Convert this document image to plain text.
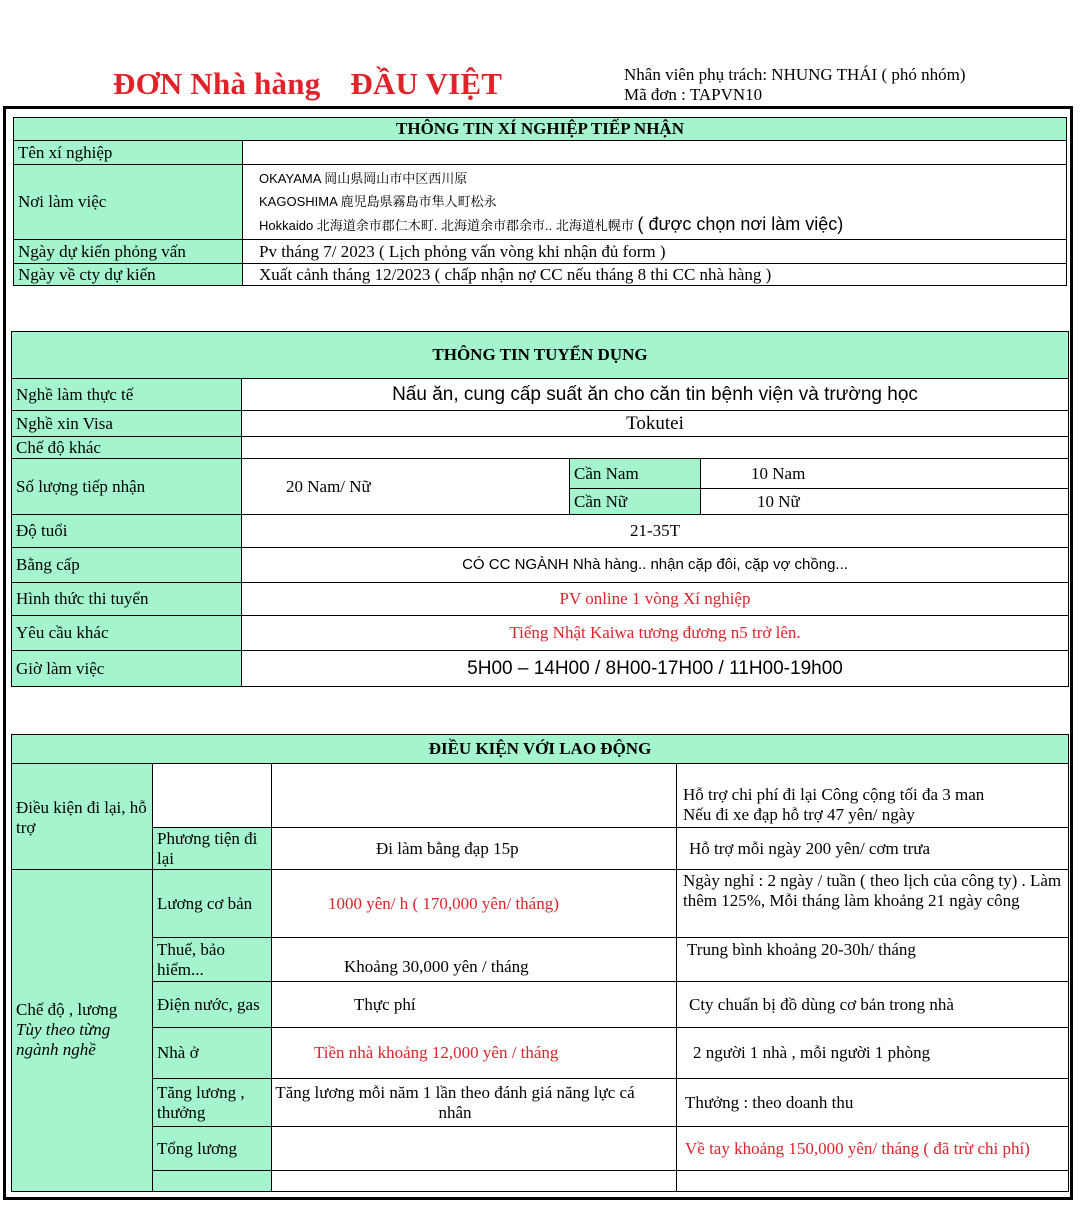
ĐƠN Nhà hàng ĐẦU VIỆT	Nhân viên phụ trách: NHUNG THÁI ( phó nhóm)
Mã đơn : TAPVN10
THÔNG TIN XÍ NGHIỆP TIẾP NHẬN	
Tên xí nghiệp	
Nơi làm việc	OKAYAMA 岡山県岡山市中区西川原
KAGOSHIMA 鹿児島県霧島市隼人町松永
Hokkaido 北海道余市郡仁木町. 北海道余市郡余市.. 北海道札幌市 ( được chọn nơi làm việc)

Ngày dự kiến phỏng vấn	Pv tháng 7/ 2023 ( Lịch phỏng vấn vòng khi nhận đủ form )
Ngày về cty dự kiến	Xuất cảnh tháng 12/2023 ( chấp nhận nợ CC nếu tháng 8 thi CC nhà hàng )
THÔNG TIN TUYỂN DỤNG			
Nghề làm thực tế	Nấu ăn, cung cấp suất ăn cho căn tin bệnh viện và trường học		
Nghề xin Visa	Tokutei		
Chế độ khác			
Số lượng tiếp nhận	20 Nam/ Nữ	Cần Nam	10 Nam
		Cần Nữ	10 Nữ
Độ tuổi	21-35T		
Bằng cấp	CÓ CC NGÀNH Nhà hàng.. nhận cặp đôi, cặp vợ chồng...		
Hình thức thi tuyển	PV online 1 vòng Xí nghiệp		
Yêu cầu khác	Tiếng Nhật Kaiwa tương đương n5 trở lên.		
Giờ làm việc	5H00 – 14H00 / 8H00-17H00 / 11H00-19h00		
ĐIỀU KIỆN VỚI LAO ĐỘNG			
Điều kiện đi lại, hỗ trợ			Hỗ trợ chi phí đi lại Công cộng tối đa 3 man
Nếu đi xe đạp hỗ trợ 47 yên/ ngày

	Phương tiện đi lại	Đi làm bằng đạp 15p	Hỗ trợ mỗi ngày 200 yên/ cơm trưa

Chế độ , lương
Tùy theo từng ngành nghề	Lương cơ bản	1000 yên/ h ( 170,000 yên/ tháng)	Ngày nghỉ : 2 ngày / tuần ( theo lịch của công ty) . Làm thêm 125%, Mỗi tháng làm khoảng 21 ngày công
	Thuế, bảo hiểm...	Khoảng 30,000 yên / tháng	Trung bình khoảng 20-30h/ tháng
	Điện nước, gas	Thực phí	Cty chuẩn bị đồ dùng cơ bản trong nhà
	Nhà ở	Tiền nhà khoảng 12,000 yên / tháng	2 người 1 nhà , mỗi người 1 phòng
	Tăng lương , thưởng	Tăng lương mỗi năm 1 lần theo đánh giá năng lực cá nhân	Thưởng : theo doanh thu
	Tổng lương		Về tay khoảng 150,000 yên/ tháng ( đã trừ chi phí)
